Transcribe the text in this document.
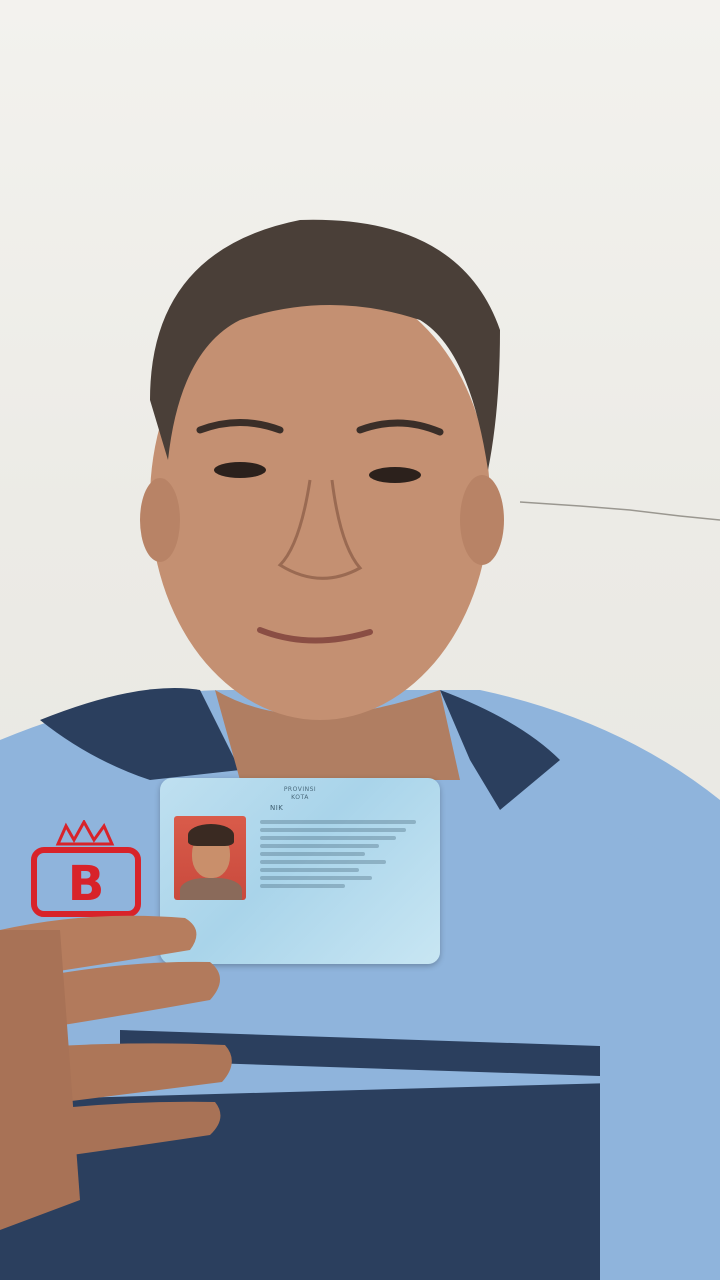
B
PROVINSI
KOTA
NIK
